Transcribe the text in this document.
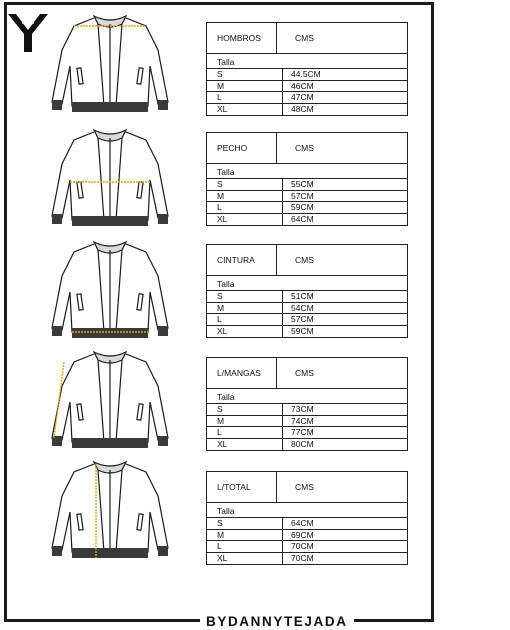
HOMBROS	CMS
Talla
S	44.5CM
M	46CM
L	47CM
XL	48CM
PECHO	CMS
Talla
S	55CM
M	57CM
L	59CM
XL	64CM
CINTURA	CMS
Talla
S	51CM
M	54CM
L	57CM
XL	59CM
L/MANGAS	CMS
Talla
S	73CM
M	74CM
L	77CM
XL	80CM
L/TOTAL	CMS
Talla
S	64CM
M	69CM
L	70CM
XL	70CM
BYDANNYTEJADA
